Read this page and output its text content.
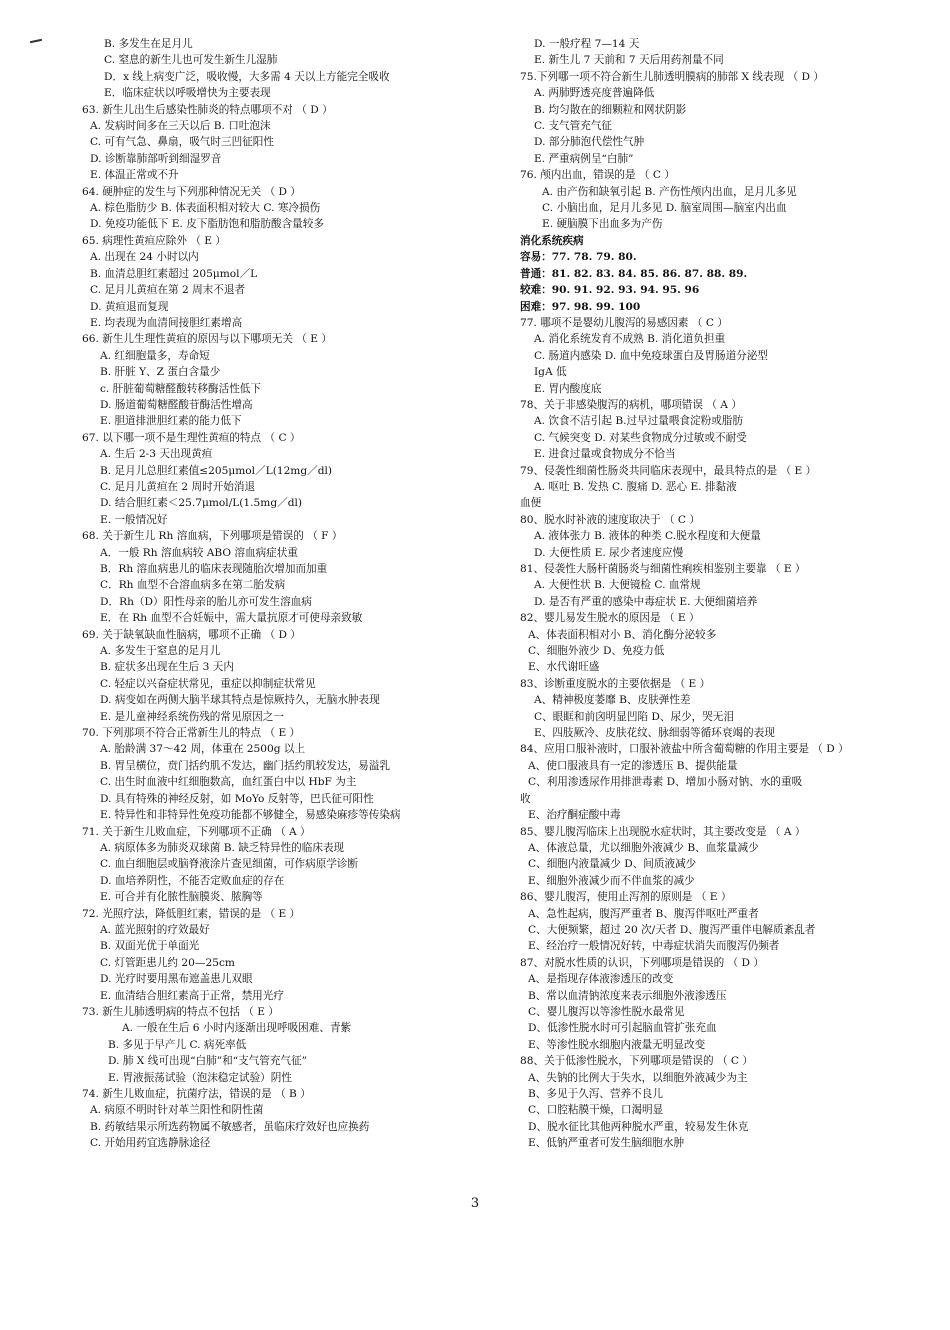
B. 多发生在足月儿
C. 窒息的新生儿也可发生新生儿湿肺
D．x 线上病变广泛，吸收慢，大多需 4 天以上方能完全吸收
E．临床症状以呼吸增快为主要表现
63. 新生儿出生后感染性肺炎的特点哪项不对 （ D ）
A. 发病时间多在三天以后 B. 口吐泡沫
C. 可有气急、鼻扇，吸气时三凹征阳性
D. 诊断靠肺部听到细湿罗音
E. 体温正常或不升
64. 硬肿症的发生与下列那种情况无关 （ D ）
A. 棕色脂肪少 B. 体表面积相对较大 C. 寒冷损伤
D. 免疫功能低下 E. 皮下脂肪饱和脂肪酸含量较多
65. 病理性黄疸应除外 （ E ）
A. 出现在 24 小时以内
B. 血清总胆红素超过 205μmol／L
C. 足月儿黄疸在第 2 周末不退者
D. 黄疸退而复现
E. 均表现为血清间接胆红素增高
66. 新生儿生理性黄疸的原因与以下哪项无关 （ E ）
A. 红细胞量多，寿命短
B. 肝脏 Y、Z 蛋白含量少
c. 肝脏葡萄糖醛酸转移酶活性低下
D. 肠道葡萄糖醛酸苷酶活性增高
E. 胆道排泄胆红素的能力低下
67. 以下哪一项不是生理性黄疸的特点 （ C ）
A. 生后 2-3 天出现黄疸
B. 足月儿总胆红素值≤205μmol／L(12mg／dl)
C. 足月儿黄疸在 2 周时开始消退
D. 结合胆红素＜25.7μmol/L(1.5mg／dl)
E. 一般情况好
68. 关于新生儿 Rh 溶血病，下列哪项是错误的 （ F ）
A．一般 Rh 溶血病较 ABO 溶血病症状重
B．Rh 溶血病患儿的临床表现随胎次增加而加重
C．Rh 血型不合溶血病多在第二胎发病
D．Rh（D）阳性母亲的胎儿亦可发生溶血病
E．在 Rh 血型不合妊娠中，需大量抗原才可使母亲致敏
69. 关于缺氧缺血性脑病，哪项不正确 （ D ）
A. 多发生于窒息的足月儿
B. 症状多出现在生后 3 天内
C. 轻症以兴奋症状常见，重症以抑制症状常见
D. 病变如在两侧大脑半球其特点是惊厥持久，无脑水肿表现
E. 是儿童神经系统伤残的常见原因之一
70. 下列那项不符合正常新生儿的特点 （ E ）
A. 胎龄满 37～42 周，体重在 2500g 以上
B. 胃呈横位，贲门括约肌不发达，幽门括约肌较发达，易溢乳
C. 出生时血液中红细胞数高，血红蛋白中以 HbF 为主
D. 具有特殊的神经反射，如 MoYo 反射等，巴氏征可阳性
E. 特异性和非特异性免疫功能都不够健全，易感染麻疹等传染病
71. 关于新生儿败血症，下列哪项不正确 （ A ）
A. 病原体多为肺炎双球菌 B. 缺乏特异性的临床表现
C. 血白细胞层或脑脊液涂片查见细菌，可作病原学诊断
D. 血培养阴性，不能否定败血症的存在
E. 可合并有化脓性脑膜炎、脓胸等
72. 光照疗法，降低胆红素，错误的是 （ E ）
A. 蓝光照射的疗效最好
B. 双面光优于单面光
C. 灯管距患儿约 20—25cm
D. 光疗时要用黑布遮盖患儿双眼
E. 血清结合胆红素高于正常，禁用光疗
73. 新生儿肺透明病的特点不包括 （ E ）
A. 一般在生后 6 小时内逐渐出现呼吸困难、青紫
B. 多见于早产儿 C. 病死率低
D. 肺 X 线可出现“白肺”和“支气管充气征”
E. 胃液振荡试验（泡沫稳定试验）阴性
74. 新生儿败血症，抗菌疗法，错误的是 （ B ）
A. 病原不明时针对革兰阳性和阴性菌
B. 药敏结果示所选药物属不敏感者，虽临床疗效好也应换药
C. 开始用药宜选静脉途径
D. 一般疗程 7—14 天
E. 新生儿 7 天前和 7 天后用药剂量不同
75.下列哪一项不符合新生儿肺透明膜病的肺部 X 线表现 （ D ）
A. 两肺野透亮度普遍降低
B. 均匀散在的细颗粒和网状阴影
C. 支气管充气征
D. 部分肺泡代偿性气肿
E. 严重病例呈“白肺”
76. 颅内出血，错误的是 （ C ）
A. 由产伤和缺氧引起 B. 产伤性颅内出血，足月儿多见
C. 小脑出血，足月儿多见 D. 脑室周围—脑室内出血
E. 硬脑膜下出血多为产伤
消化系统疾病
容易：77. 78. 79. 80.
普通：81. 82. 83. 84. 85. 86. 87. 88. 89.
较难：90. 91. 92. 93. 94. 95. 96
困难：97. 98. 99. 100
77. 哪项不是婴幼儿腹泻的易感因素 （ C ）
A. 消化系统发育不成熟 B. 消化道负担重
C. 肠道内感染 D. 血中免疫球蛋白及胃肠道分泌型
IgA 低
E. 胃内酸度底
78、关于非感染腹泻的病机，哪项错误 （ A ）
A. 饮食不洁引起 B.过早过量喂食淀粉或脂肪
C. 气候突变 D. 对某些食物成分过敏或不耐受
E. 进食过量或食物成分不恰当
79、侵袭性细菌性肠炎共同临床表现中，最具特点的是 （ E ）
A. 呕吐 B. 发热 C. 腹痛 D. 恶心 E. 排黏液
血便
80、脱水时补液的速度取决于 （ C ）
A. 液体张力 B. 液体的种类 C.脱水程度和大便量
D. 大便性质 E. 尿少者速度应慢
81、侵袭性大肠杆菌肠炎与细菌性痢疾相鉴别主要靠 （ E ）
A. 大便性状 B. 大便镜检 C. 血常规
D. 是否有严重的感染中毒症状 E. 大便细菌培养
82、婴儿易发生脱水的原因是 （ E ）
A、体表面积相对小 B、消化酶分泌较多
C、细胞外液少 D、免疫力低
E、水代谢旺盛
83、诊断重度脱水的主要依据是 （ E ）
A、精神极度萎靡 B、皮肤弹性差
C、眼眶和前囟明显凹陷 D、尿少，哭无泪
E、四肢厥冷、皮肤花纹、脉细弱等循环衰竭的表现
84、应用口服补液时，口服补液盐中所含葡萄糖的作用主要是 （ D ）
A、使口服液具有一定的渗透压 B、提供能量
C、利用渗透尿作用排泄毒素 D、增加小肠对钠、水的重吸
收
E、治疗酮症酸中毒
85、婴儿腹泻临床上出现脱水症状时，其主要改变是 （ A ）
A、体液总量，尤以细胞外液减少 B、血浆量减少
C、细胞内液量减少 D、间质液减少
E、细胞外液减少而不伴血浆的减少
86、婴儿腹泻，使用止泻剂的原则是 （ E ）
A、急性起病，腹泻严重者 B、腹泻伴呕吐严重者
C、大便频繁，超过 20 次/天者 D、腹泻严重伴电解质紊乱者
E、经治疗一般情况好转，中毒症状消失而腹泻仍频者
87、对脱水性质的认识，下列哪项是错误的 （ D ）
A、是指现存体液渗透压的改变
B、常以血清钠浓度来表示细胞外液渗透压
C、婴儿腹泻以等渗性脱水最常见
D、低渗性脱水时可引起脑血管扩张充血
E、等渗性脱水细胞内液量无明显改变
88、关于低渗性脱水，下列哪项是错误的 （ C ）
A、失钠的比例大于失水，以细胞外液减少为主
B、多见于久泻、营养不良儿
C、口腔粘膜干燥，口渴明显
D、脱水征比其他两种脱水严重，较易发生休克
E、低钠严重者可发生脑细胞水肿
3
